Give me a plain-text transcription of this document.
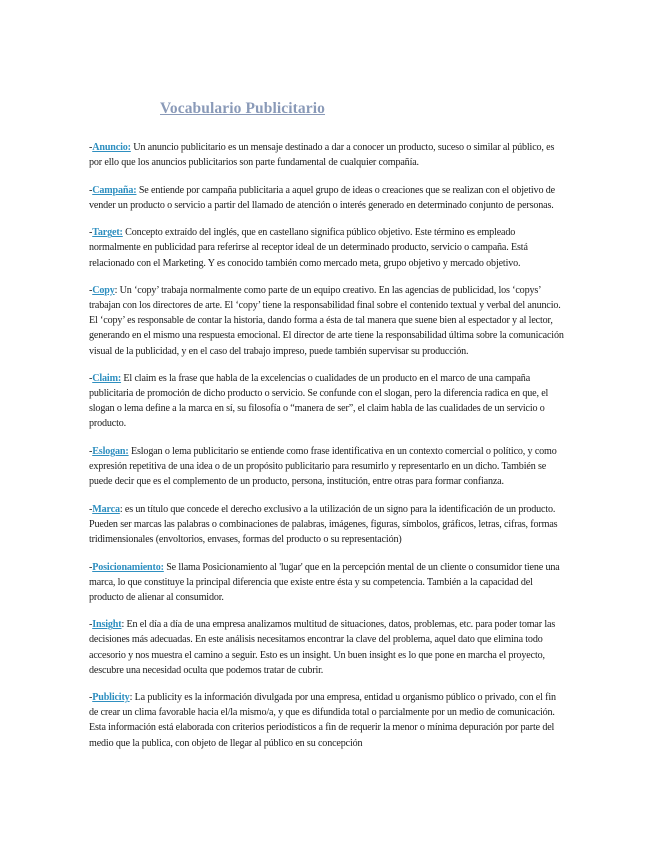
Vocabulario Publicitario

-Anuncio: Un anuncio publicitario es un mensaje destinado a dar a conocer un producto, suceso o similar al público, es por ello que los anuncios publicitarios son parte fundamental de cualquier compañía.

-Campaña: Se entiende por campaña publicitaria a aquel grupo de ideas o creaciones que se realizan con el objetivo de vender un producto o servicio a partir del llamado de atención o interés generado en determinado conjunto de personas.

-Target: Concepto extraído del inglés, que en castellano significa público objetivo. Este término es empleado normalmente en publicidad para referirse al receptor ideal de un determinado producto, servicio o campaña. Está relacionado con el Marketing. Y es conocido también como mercado meta, grupo objetivo y mercado objetivo.

-Copy: Un ‘copy’ trabaja normalmente como parte de un equipo creativo. En las agencias de publicidad, los ‘copys’ trabajan con los directores de arte. El ‘copy’ tiene la responsabilidad final sobre el contenido textual y verbal del anuncio. El ‘copy’ es responsable de contar la historia, dando forma a ésta de tal manera que suene bien al espectador y al lector, generando en el mismo una respuesta emocional. El director de arte tiene la responsabilidad última sobre la comunicación visual de la publicidad, y en el caso del trabajo impreso, puede también supervisar su producción.

-Claim: El claim es la frase que habla de la excelencias o cualidades de un producto en el marco de una campaña publicitaria de promoción de dicho producto o servicio. Se confunde con el slogan, pero la diferencia radica en que, el slogan o lema define a la marca en sí, su filosofía o “manera de ser”, el claim habla de las cualidades de un servicio o producto.

-Eslogan: Eslogan o lema publicitario se entiende como frase identificativa en un contexto comercial o político, y como expresión repetitiva de una idea o de un propósito publicitario para resumirlo y representarlo en un dicho. También se puede decir que es el complemento de un producto, persona, institución, entre otras para formar confianza.

-Marca: es un título que concede el derecho exclusivo a la utilización de un signo para la identificación de un producto. Pueden ser marcas las palabras o combinaciones de palabras, imágenes, figuras, símbolos, gráficos, letras, cifras, formas tridimensionales (envoltorios, envases, formas del producto o su representación)

-Posicionamiento: Se llama Posicionamiento al 'lugar' que en la percepción mental de un cliente o consumidor tiene una marca, lo que constituye la principal diferencia que existe entre ésta y su competencia. También a la capacidad del producto de alienar al consumidor.

-Insight: En el día a día de una empresa analizamos multitud de situaciones, datos, problemas, etc. para poder tomar las decisiones más adecuadas. En este análisis necesitamos encontrar la clave del problema, aquel dato que elimina todo accesorio y nos muestra el camino a seguir. Esto es un insight. Un buen insight es lo que pone en marcha el proyecto, descubre una necesidad oculta que podemos tratar de cubrir.

-Publicity: La publicity es la información divulgada por una empresa, entidad u organismo público o privado, con el fin de crear un clima favorable hacia el/la mismo/a, y que es difundida total o parcialmente por un medio de comunicación. Esta información está elaborada con criterios periodísticos a fin de requerir la menor o mínima depuración por parte del medio que la publica, con objeto de llegar al público en su concepción
